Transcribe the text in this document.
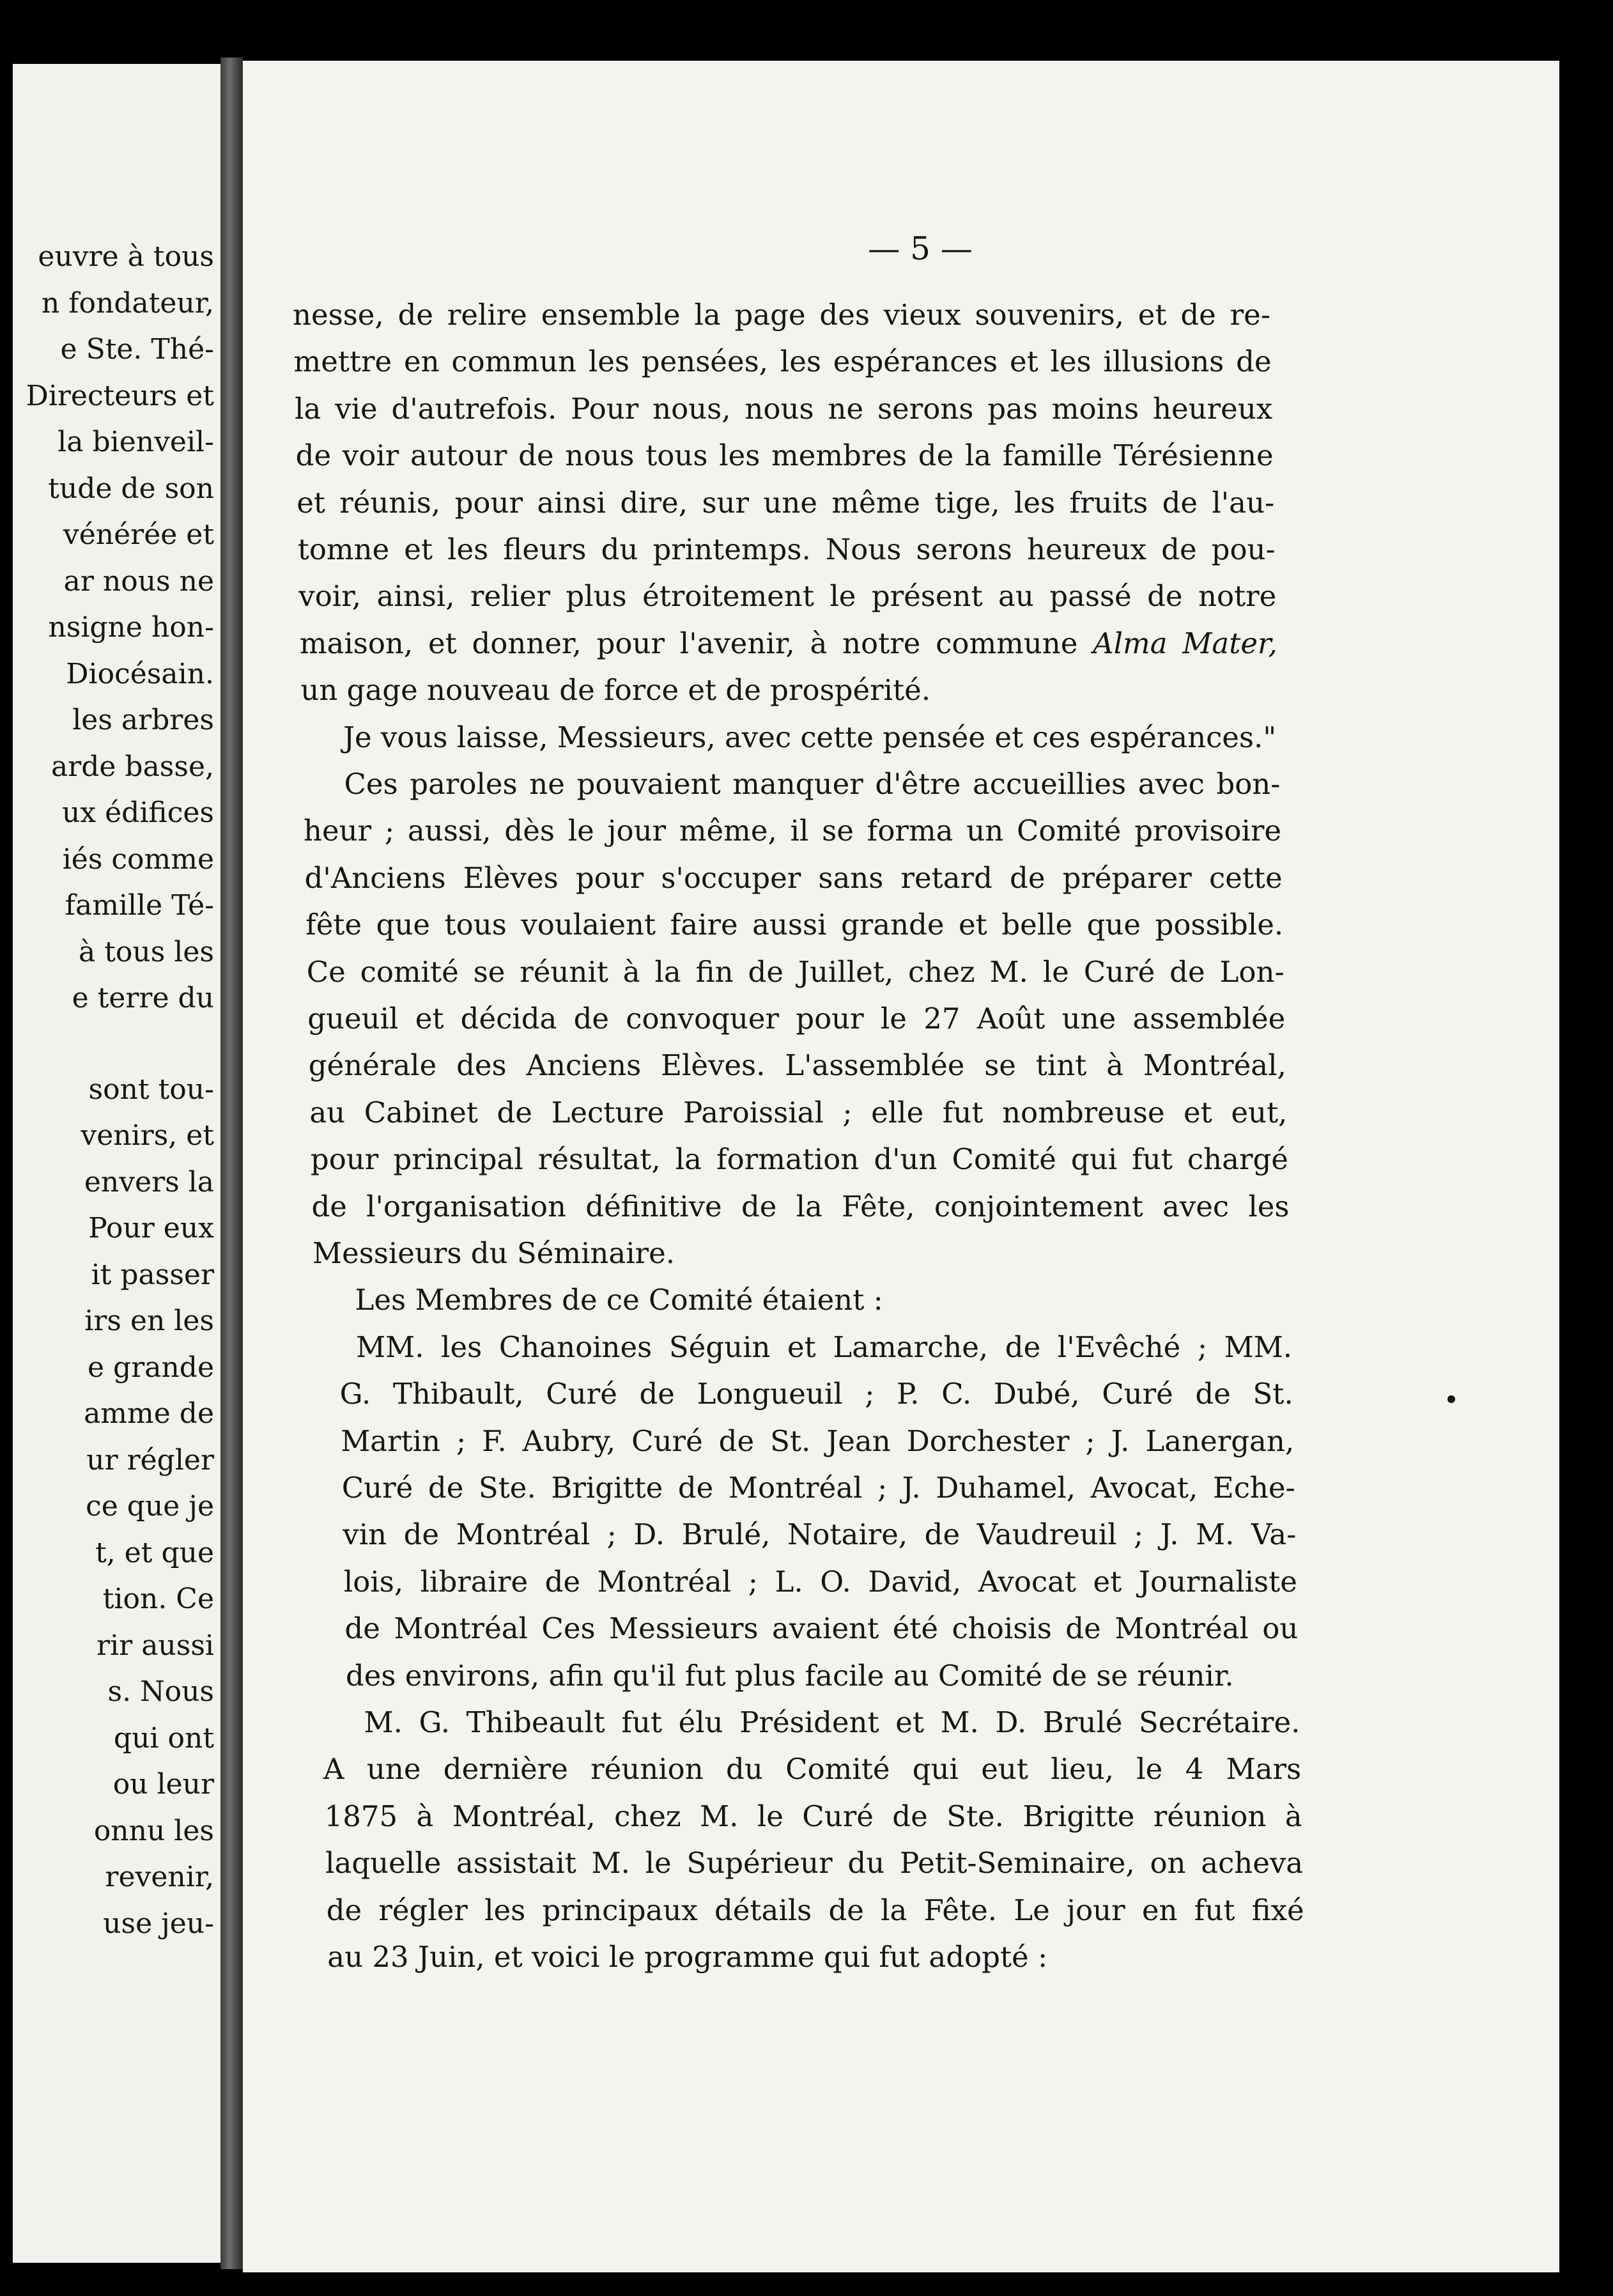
euvre à tous
n fondateur,
e Ste. Thé-
Directeurs et
la bienveil-
tude de son
vénérée et
ar nous ne
nsigne hon-
Diocésain.
les arbres
arde basse,
ux édifices
iés comme
famille Té-
à tous les
e terre du
sont tou-
venirs, et
envers la
Pour eux
it passer
irs en les
e grande
amme de
ur régler
ce que je
t, et que
tion. Ce
rir aussi
s. Nous
qui ont
ou leur
onnu les
revenir,
use jeu-
— 5 —
nesse, de relire ensemble la page des vieux souvenirs, et de re-
mettre en commun les pensées, les espérances et les illusions de
la vie d'autrefois. Pour nous, nous ne serons pas moins heureux
de voir autour de nous tous les membres de la famille Térésienne
et réunis, pour ainsi dire, sur une même tige, les fruits de l'au-
tomne et les fleurs du printemps. Nous serons heureux de pou-
voir, ainsi, relier plus étroitement le présent au passé de notre
maison, et donner, pour l'avenir, à notre commune Alma Mater,
un gage nouveau de force et de prospérité.
Je vous laisse, Messieurs, avec cette pensée et ces espérances."
Ces paroles ne pouvaient manquer d'être accueillies avec bon-
heur ; aussi, dès le jour même, il se forma un Comité provisoire
d'Anciens Elèves pour s'occuper sans retard de préparer cette
fête que tous voulaient faire aussi grande et belle que possible.
Ce comité se réunit à la fin de Juillet, chez M. le Curé de Lon-
gueuil et décida de convoquer pour le 27 Août une assemblée
générale des Anciens Elèves. L'assemblée se tint à Montréal,
au Cabinet de Lecture Paroissial ; elle fut nombreuse et eut,
pour principal résultat, la formation d'un Comité qui fut chargé
de l'organisation définitive de la Fête, conjointement avec les
Messieurs du Séminaire.
Les Membres de ce Comité étaient :
MM. les Chanoines Séguin et Lamarche, de l'Evêché ; MM.
G. Thibault, Curé de Longueuil ; P. C. Dubé, Curé de St.
Martin ; F. Aubry, Curé de St. Jean Dorchester ; J. Lanergan,
Curé de Ste. Brigitte de Montréal ; J. Duhamel, Avocat, Eche-
vin de Montréal ; D. Brulé, Notaire, de Vaudreuil ; J. M. Va-
lois, libraire de Montréal ; L. O. David, Avocat et Journaliste
de Montréal Ces Messieurs avaient été choisis de Montréal ou
des environs, afin qu'il fut plus facile au Comité de se réunir.
M. G. Thibeault fut élu Président et M. D. Brulé Secrétaire.
A une dernière réunion du Comité qui eut lieu, le 4 Mars
1875 à Montréal, chez M. le Curé de Ste. Brigitte réunion à
laquelle assistait M. le Supérieur du Petit-Seminaire, on acheva
de régler les principaux détails de la Fête. Le jour en fut fixé
au 23 Juin, et voici le programme qui fut adopté :
